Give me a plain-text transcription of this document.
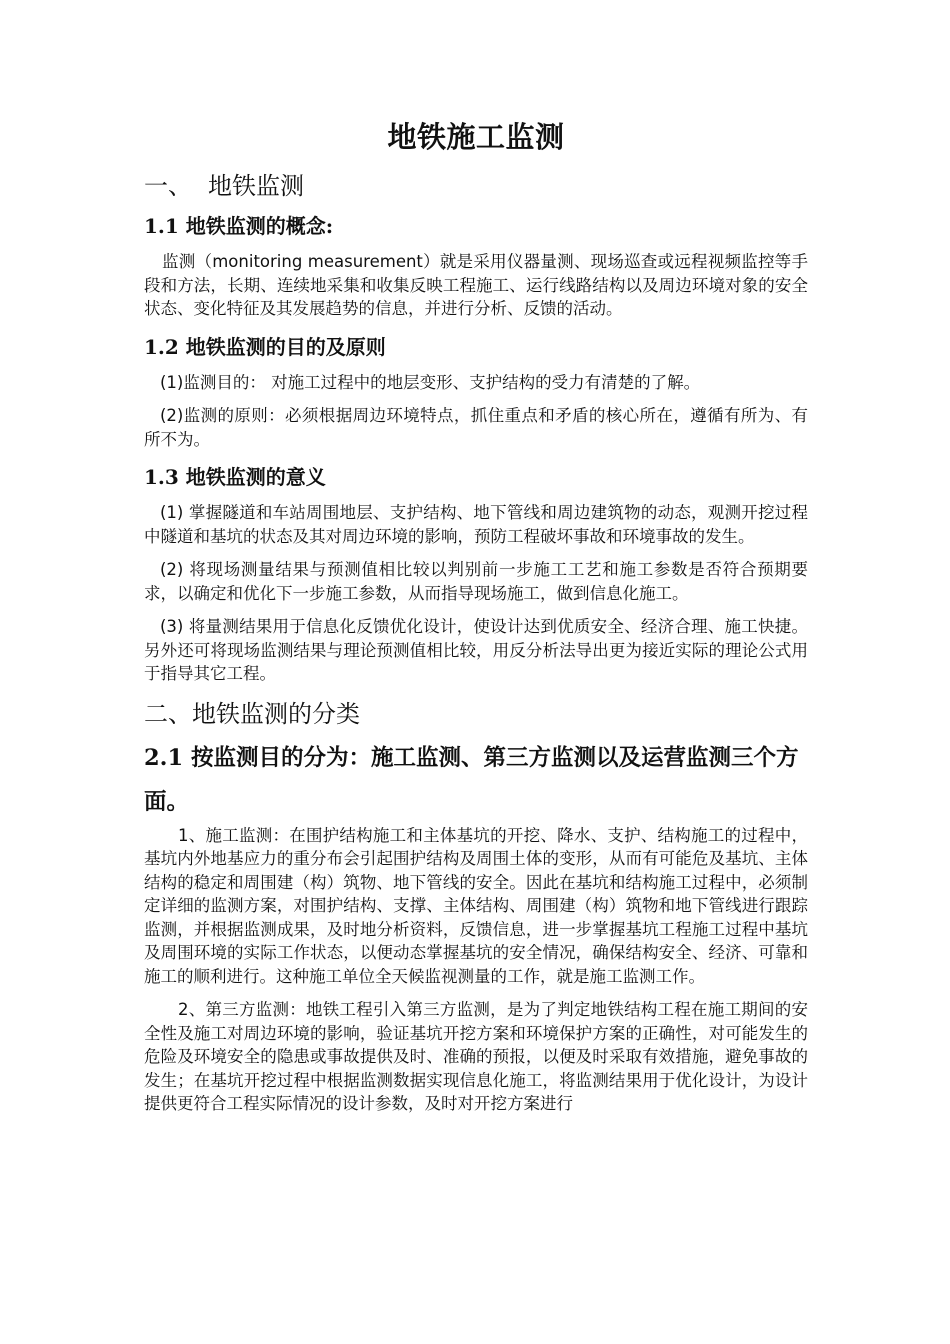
地铁施工监测
一、 地铁监测
1.1 地铁监测的概念:

监测（monitoring measurement）就是采用仪器量测、现场巡查或远程视频监控等手段和方法，长期、连续地采集和收集反映工程施工、运行线路结构以及周边环境对象的安全状态、变化特征及其发展趋势的信息，并进行分析、反馈的活动。

1.2 地铁监测的目的及原则

(1)监测目的： 对施工过程中的地层变形、支护结构的受力有清楚的了解。

(2)监测的原则：必须根据周边环境特点，抓住重点和矛盾的核心所在，遵循有所为、有所不为。

1.3 地铁监测的意义

(1) 掌握隧道和车站周围地层、支护结构、地下管线和周边建筑物的动态，观测开挖过程中隧道和基坑的状态及其对周边环境的影响，预防工程破坏事故和环境事故的发生。

(2) 将现场测量结果与预测值相比较以判别前一步施工工艺和施工参数是否符合预期要求，以确定和优化下一步施工参数，从而指导现场施工，做到信息化施工。

(3) 将量测结果用于信息化反馈优化设计，使设计达到优质安全、经济合理、施工快捷。另外还可将现场监测结果与理论预测值相比较，用反分析法导出更为接近实际的理论公式用于指导其它工程。

二、地铁监测的分类
2.1 按监测目的分为：施工监测、第三方监测以及运营监测三个方面。

1、施工监测：在围护结构施工和主体基坑的开挖、降水、支护、结构施工的过程中，基坑内外地基应力的重分布会引起围护结构及周围土体的变形，从而有可能危及基坑、主体结构的稳定和周围建（构）筑物、地下管线的安全。因此在基坑和结构施工过程中，必须制定详细的监测方案，对围护结构、支撑、主体结构、周围建（构）筑物和地下管线进行跟踪监测，并根据监测成果，及时地分析资料，反馈信息，进一步掌握基坑工程施工过程中基坑及周围环境的实际工作状态，以便动态掌握基坑的安全情况，确保结构安全、经济、可靠和施工的顺利进行。这种施工单位全天候监视测量的工作，就是施工监测工作。

2、第三方监测：地铁工程引入第三方监测，是为了判定地铁结构工程在施工期间的安全性及施工对周边环境的影响，验证基坑开挖方案和环境保护方案的正确性，对可能发生的危险及环境安全的隐患或事故提供及时、准确的预报，以便及时采取有效措施，避免事故的发生；在基坑开挖过程中根据监测数据实现信息化施工，将监测结果用于优化设计，为设计提供更符合工程实际情况的设计参数，及时对开挖方案进行
